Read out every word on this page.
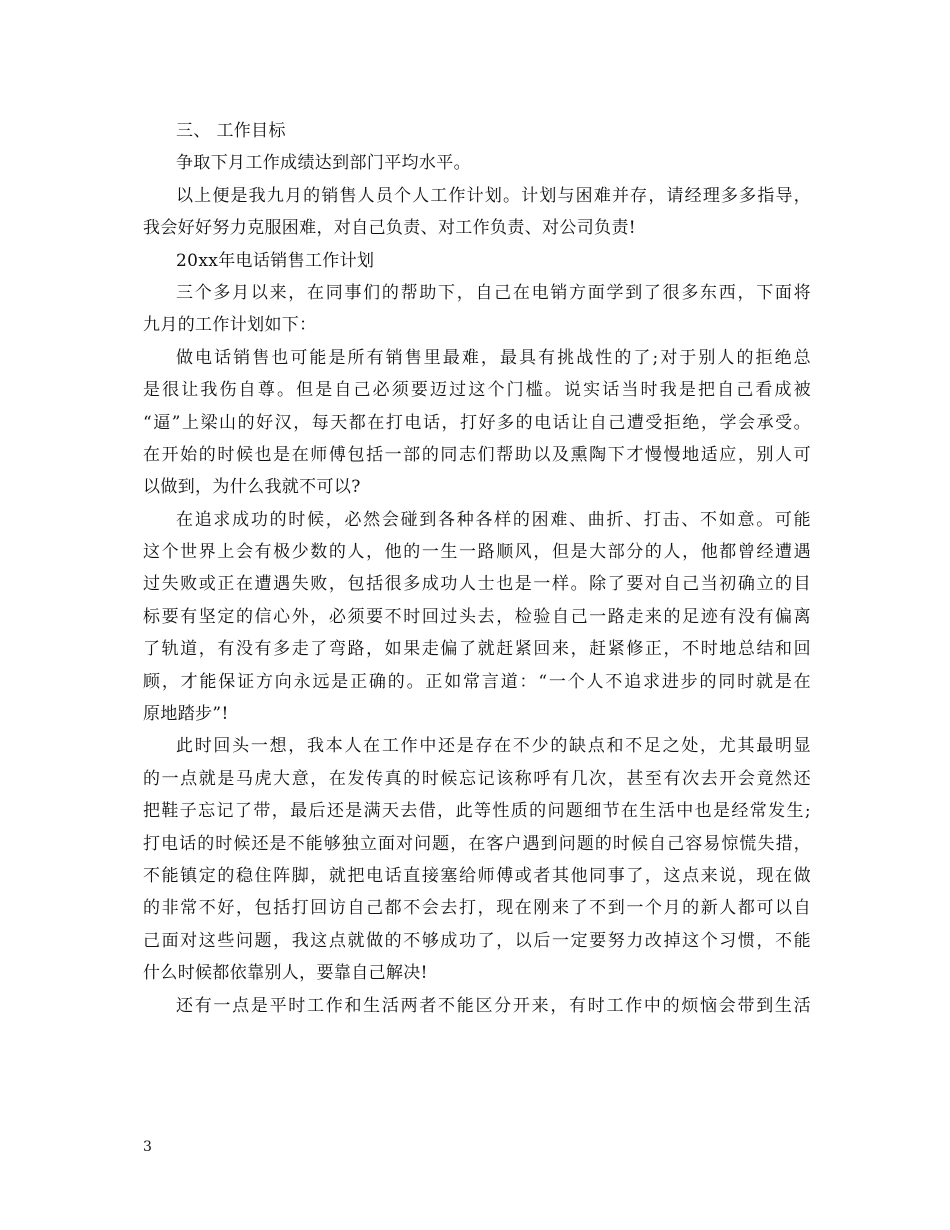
三、 工作目标
争取下月工作成绩达到部门平均水平。
以上便是我九月的销售人员个人工作计划。计划与困难并存，请经理多多指导，
我会好好努力克服困难，对自己负责、对工作负责、对公司负责!
20xx年电话销售工作计划
三个多月以来，在同事们的帮助下，自己在电销方面学到了很多东西，下面将
九月的工作计划如下：
做电话销售也可能是所有销售里最难，最具有挑战性的了;对于别人的拒绝总
是很让我伤自尊。但是自己必须要迈过这个门槛。说实话当时我是把自己看成被
“逼”上梁山的好汉，每天都在打电话，打好多的电话让自己遭受拒绝，学会承受。
在开始的时候也是在师傅包括一部的同志们帮助以及熏陶下才慢慢地适应，别人可
以做到，为什么我就不可以?
在追求成功的时候，必然会碰到各种各样的困难、曲折、打击、不如意。可能
这个世界上会有极少数的人，他的一生一路顺风，但是大部分的人，他都曾经遭遇
过失败或正在遭遇失败，包括很多成功人士也是一样。除了要对自己当初确立的目
标要有坚定的信心外，必须要不时回过头去，检验自己一路走来的足迹有没有偏离
了轨道，有没有多走了弯路，如果走偏了就赶紧回来，赶紧修正，不时地总结和回
顾，才能保证方向永远是正确的。正如常言道：“一个人不追求进步的同时就是在
原地踏步”!
此时回头一想，我本人在工作中还是存在不少的缺点和不足之处，尤其最明显
的一点就是马虎大意，在发传真的时候忘记该称呼有几次，甚至有次去开会竟然还
把鞋子忘记了带，最后还是满天去借，此等性质的问题细节在生活中也是经常发生;
打电话的时候还是不能够独立面对问题，在客户遇到问题的时候自己容易惊慌失措，
不能镇定的稳住阵脚，就把电话直接塞给师傅或者其他同事了，这点来说，现在做
的非常不好，包括打回访自己都不会去打，现在刚来了不到一个月的新人都可以自
己面对这些问题，我这点就做的不够成功了，以后一定要努力改掉这个习惯，不能
什么时候都依靠别人，要靠自己解决!
还有一点是平时工作和生活两者不能区分开来，有时工作中的烦恼会带到生活
3
